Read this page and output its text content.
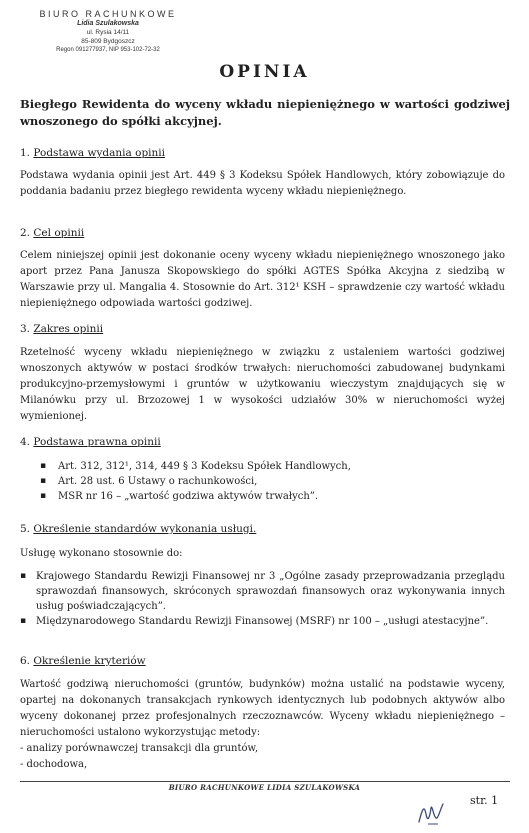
BIURO RACHUNKOWE
Lidia Szulakowska
ul. Rysia 14/11
85-809 Bydgoszcz
Regon 091277937, NIP 953-102-72-32
OPINIA
Biegłego Rewidenta do wyceny wkładu niepieniężnego w wartości godziwej wnoszonego do spółki akcyjnej.
1. Podstawa wydania opinii
Podstawa wydania opinii jest Art. 449 § 3 Kodeksu Spółek Handlowych, który zobowiązuje do poddania badaniu przez biegłego rewidenta wyceny wkładu niepieniężnego.
2. Cel opinii
Celem niniejszej opinii jest dokonanie oceny wyceny wkładu niepieniężnego wnoszonego jako aport przez Pana Janusza Skopowskiego do spółki AGTES Spółka Akcyjna z siedzibą w Warszawie przy ul. Mangalia 4. Stosownie do Art. 312¹ KSH – sprawdzenie czy wartość wkładu niepieniężnego odpowiada wartości godziwej.
3. Zakres opinii
Rzetelność wyceny wkładu niepieniężnego w związku z ustaleniem wartości godziwej wnoszonych aktywów w postaci środków trwałych: nieruchomości zabudowanej budynkami produkcyjno-przemysłowymi i gruntów w użytkowaniu wieczystym znajdujących się w Milanówku przy ul. Brzozowej 1 w wysokości udziałów 30% w nieruchomości wyżej wymienionej.
4. Podstawa prawna opinii
▪ Art. 312, 312¹, 314, 449 § 3 Kodeksu Spółek Handlowych,
▪ Art. 28 ust. 6 Ustawy o rachunkowości,
▪ MSR nr 16 – „wartość godziwa aktywów trwałych”.
5. Określenie standardów wykonania usługi.
Usługę wykonano stosownie do:
▪ Krajowego Standardu Rewizji Finansowej nr 3 „Ogólne zasady przeprowadzania przeglądu sprawozdań finansowych, skróconych sprawozdań finansowych oraz wykonywania innych usług poświadczających”.
▪ Międzynarodowego Standardu Rewizji Finansowej (MSRF) nr 100 – „usługi atestacyjne”.
6. Określenie kryteriów
Wartość godziwą nieruchomości (gruntów, budynków) można ustalić na podstawie wyceny, opartej na dokonanych transakcjach rynkowych identycznych lub podobnych aktywów albo wyceny dokonanej przez profesjonalnych rzeczoznawców. Wyceny wkładu niepieniężnego – nieruchomości ustalono wykorzystując metody:
- analizy porównawczej transakcji dla gruntów,
- dochodowa,
BIURO RACHUNKOWE LIDIA SZULAKOWSKA
str. 1
